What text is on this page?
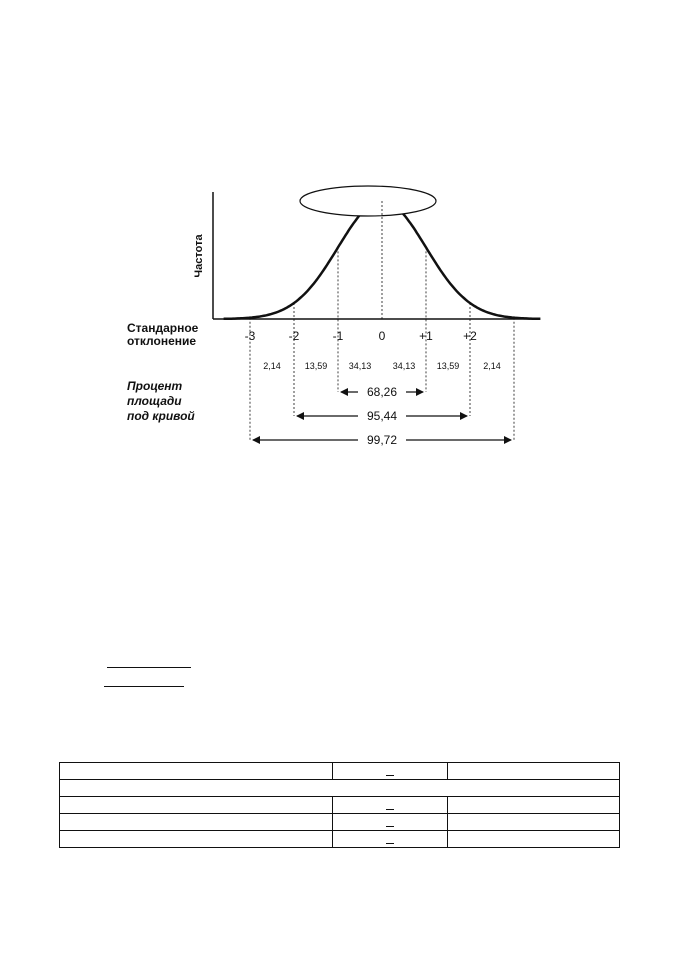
-3	-2	-1	0	+1	+2
2,14	13,59 34,13 34,13 13,59	2,14
68,26
95,44
99,72
Частота
Стандарное
отклонение
Процент
площади
под кривой
